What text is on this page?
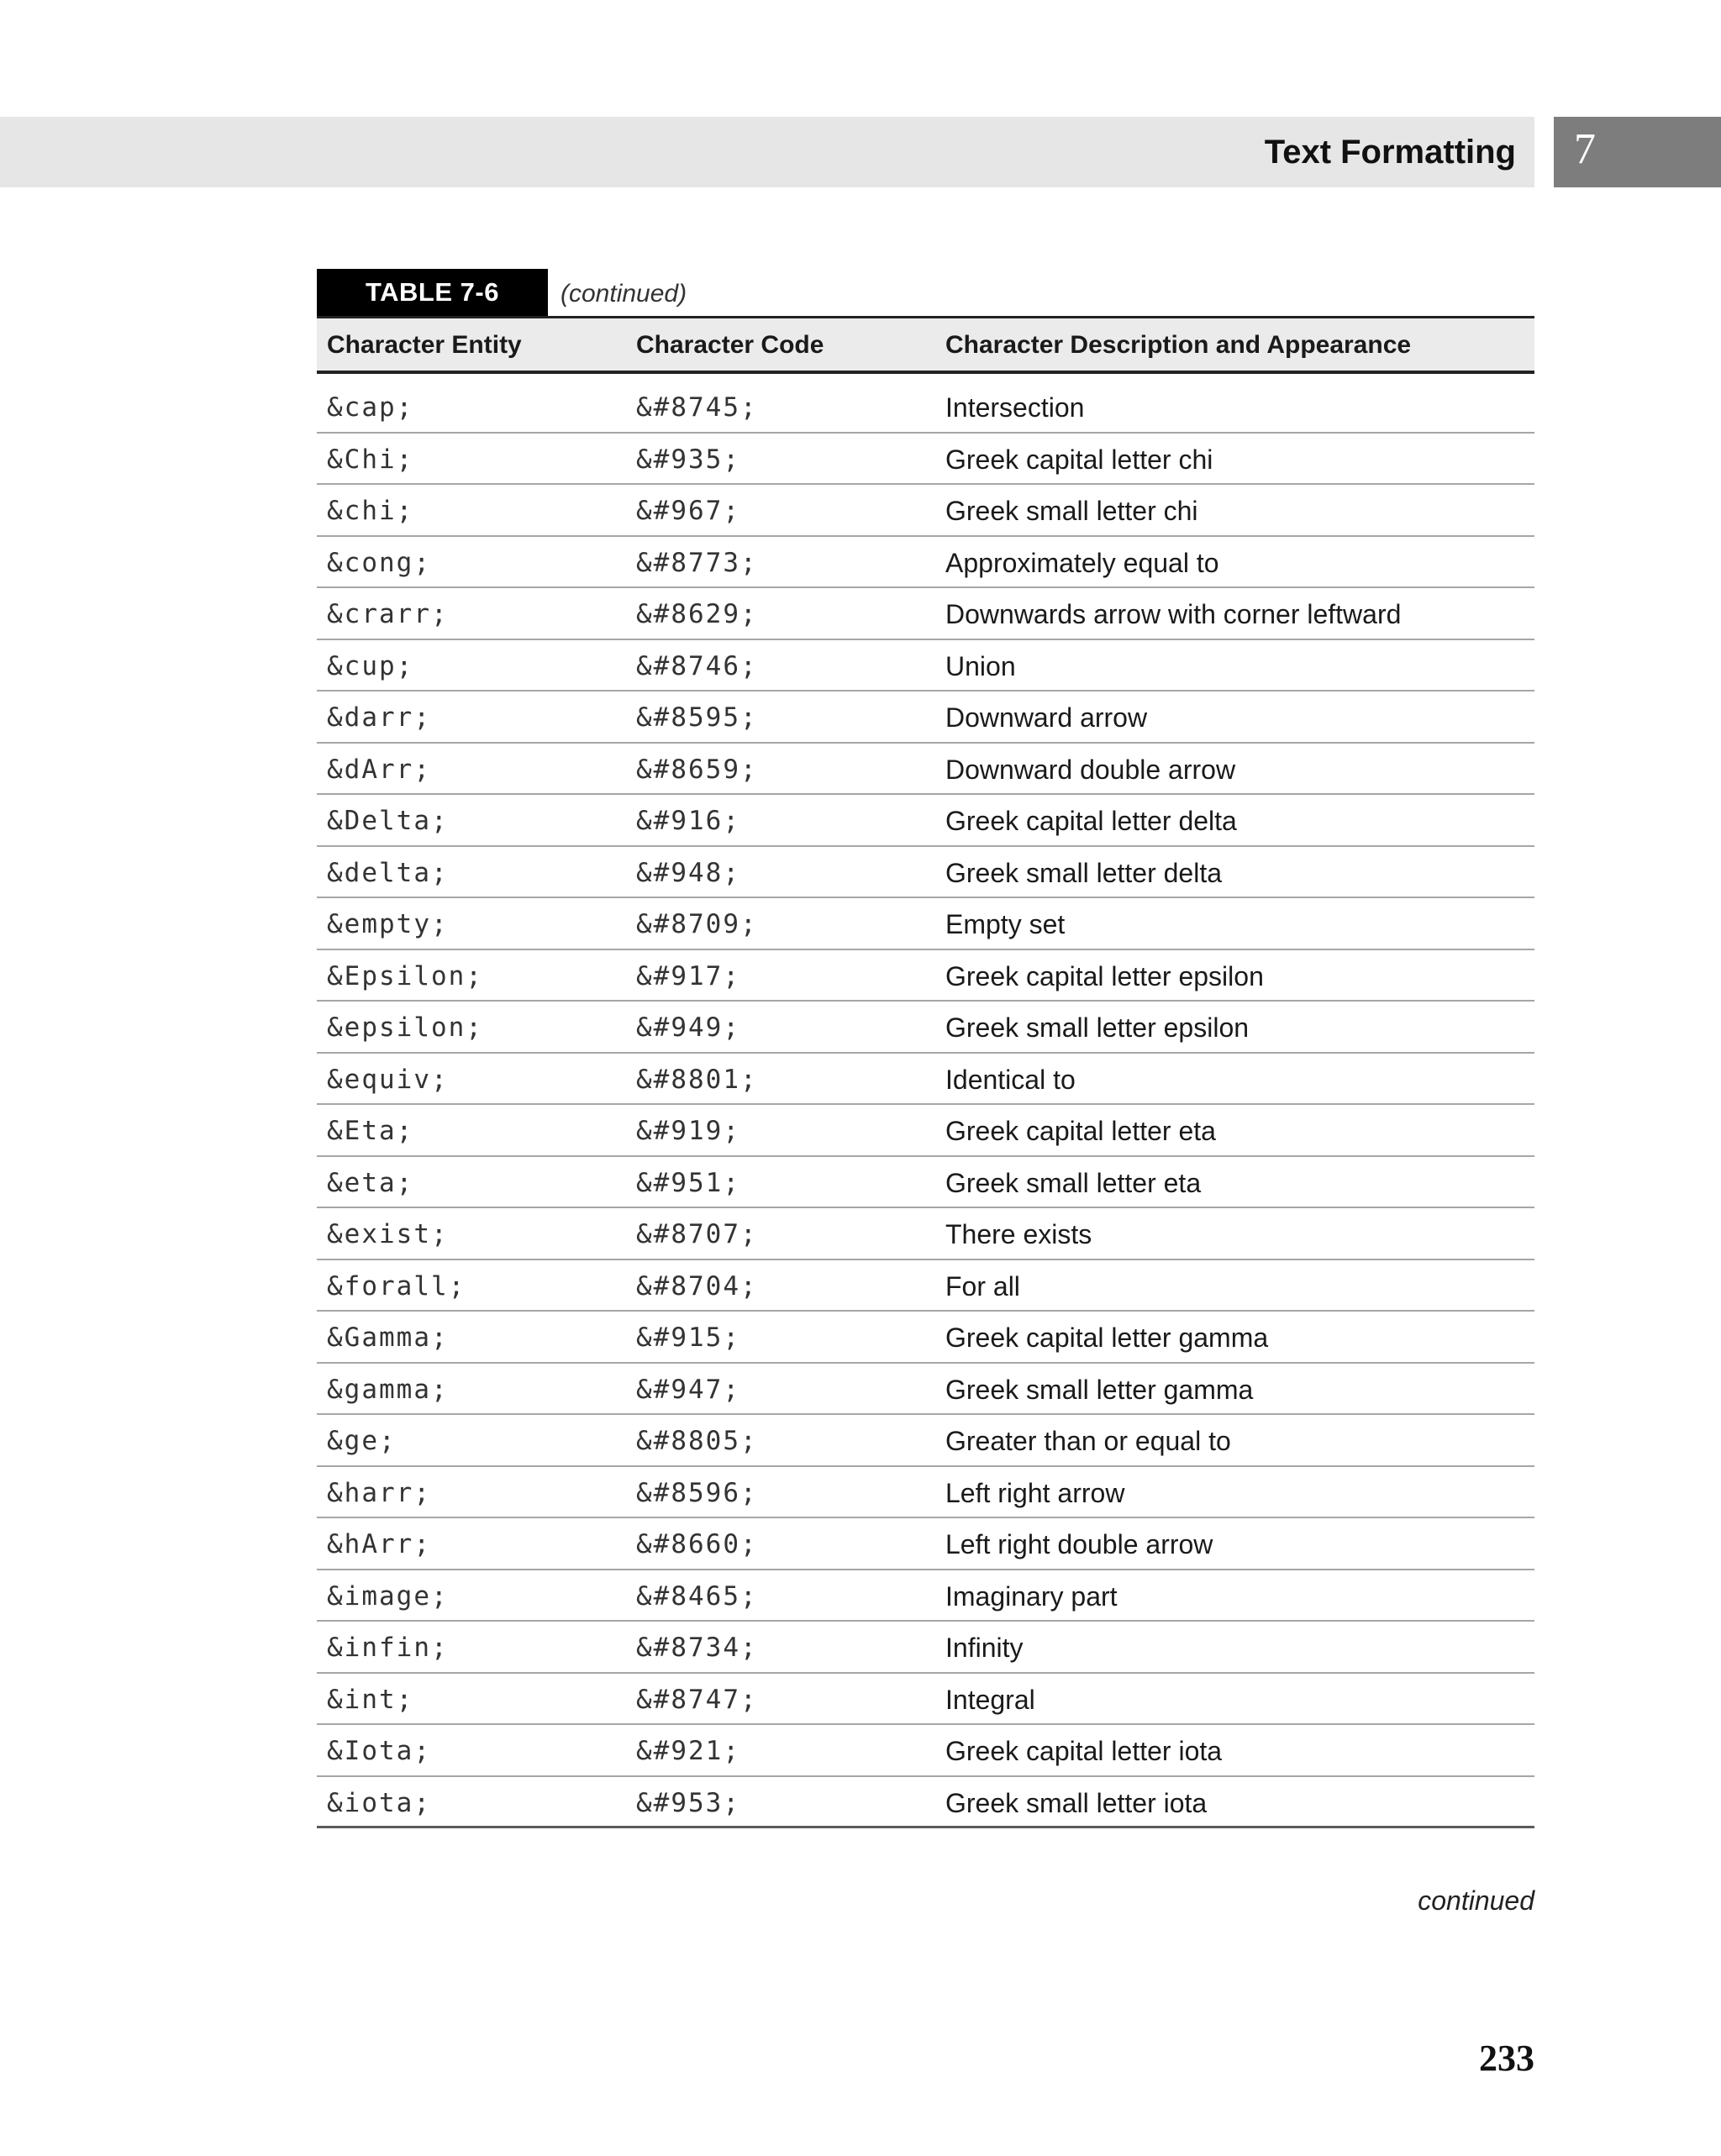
Text Formatting 7
TABLE 7-6	(continued)
Character Entity	Character Code	Character Description and Appearance
&cap;	&#8745;	Intersection
&Chi;	&#935;	Greek capital letter chi
&chi;	&#967;	Greek small letter chi
&cong;	&#8773;	Approximately equal to
&crarr;	&#8629;	Downwards arrow with corner leftward
&cup;	&#8746;	Union
&darr;	&#8595;	Downward arrow
&dArr;	&#8659;	Downward double arrow
&Delta;	&#916;	Greek capital letter delta
&delta;	&#948;	Greek small letter delta
&empty;	&#8709;	Empty set
&Epsilon;	&#917;	Greek capital letter epsilon
&epsilon;	&#949;	Greek small letter epsilon
&equiv;	&#8801;	Identical to
&Eta;	&#919;	Greek capital letter eta
&eta;	&#951;	Greek small letter eta
&exist;	&#8707;	There exists
&forall;	&#8704;	For all
&Gamma;	&#915;	Greek capital letter gamma
&gamma;	&#947;	Greek small letter gamma
&ge;	&#8805;	Greater than or equal to
&harr;	&#8596;	Left right arrow
&hArr;	&#8660;	Left right double arrow
&image;	&#8465;	Imaginary part
&infin;	&#8734;	Infinity
&int;	&#8747;	Integral
&Iota;	&#921;	Greek capital letter iota
&iota;	&#953;	Greek small letter iota
continued
233
